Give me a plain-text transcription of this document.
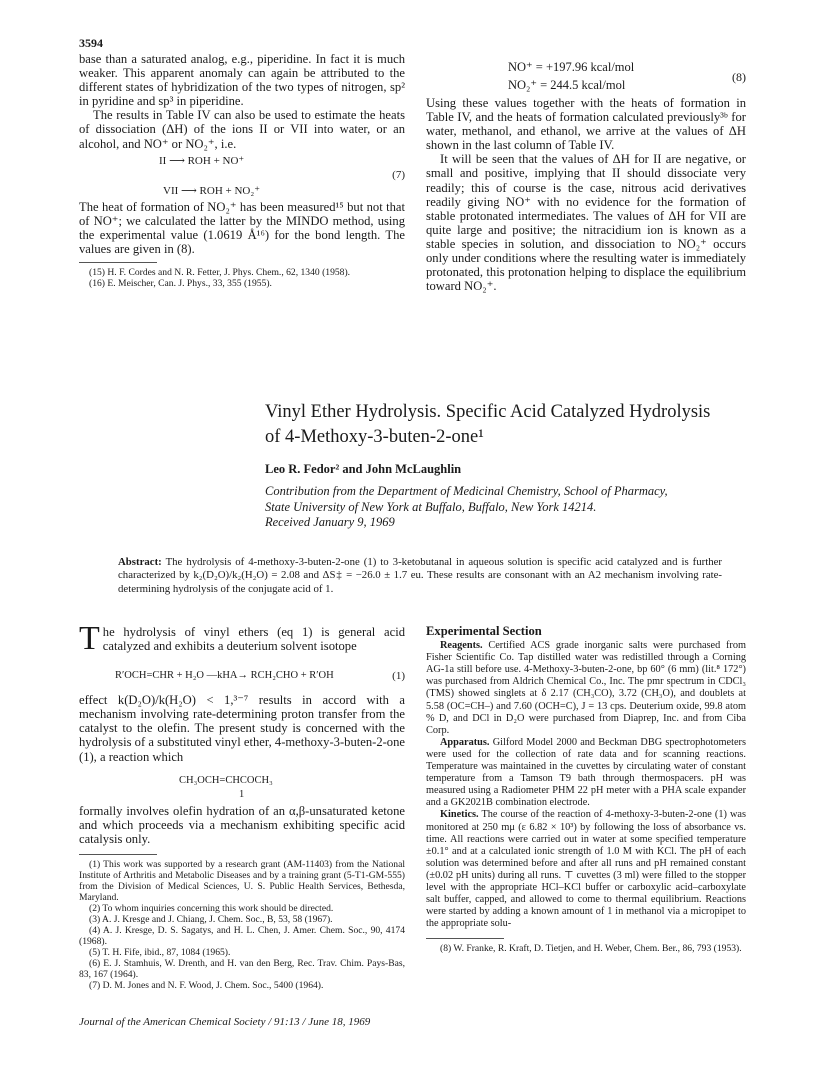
3594

base than a saturated analog, e.g., piperidine. In fact it is much weaker. This apparent anomaly can again be attributed to the different states of hybridization of the two types of nitrogen, sp² in pyridine and sp³ in piperidine.

The results in Table IV can also be used to estimate the heats of dissociation (ΔH) of the ions II or VII into water, or an alcohol, and NO⁺ or NO₂⁺, i.e.

II ⟶ ROH + NO⁺
(7)
VII ⟶ ROH + NO₂⁺

The heat of formation of NO₂⁺ has been measured¹⁵ but not that of NO⁺; we calculated the latter by the MINDO method, using the experimental value (1.0619 Å¹⁶) for the bond length. The values are given in (8).

(15) H. F. Cordes and N. R. Fetter, J. Phys. Chem., 62, 1340 (1958).

(16) E. Meischer, Can. J. Phys., 33, 355 (1955).

NO⁺ = +197.96 kcal/mol
(8)
NO₂⁺ = 244.5 kcal/mol

Using these values together with the heats of formation in Table IV, and the heats of formation calculated previously³ᵇ for water, methanol, and ethanol, we arrive at the values of ΔH shown in the last column of Table IV.

It will be seen that the values of ΔH for II are negative, or small and positive, implying that II should dissociate very readily; this of course is the case, nitrous acid derivatives readily giving NO⁺ with no evidence for the formation of stable protonated intermediates. The values of ΔH for VII are quite large and positive; the nitracidium ion is known as a stable species in solution, and dissociation to NO₂⁺ occurs only under conditions where the resulting water is immediately protonated, this protonation helping to displace the equilibrium toward NO₂⁺.

Vinyl Ether Hydrolysis. Specific Acid Catalyzed Hydrolysis
of 4-Methoxy-3-buten-2-one¹
Leo R. Fedor² and John McLaughlin
Contribution from the Department of Medicinal Chemistry, School of Pharmacy,
State University of New York at Buffalo, Buffalo, New York 14214.
Received January 9, 1969
Abstract: The hydrolysis of 4-methoxy-3-buten-2-one (1) to 3-ketobutanal in aqueous solution is specific acid catalyzed and is further characterized by k₂(D₂O)/k₂(H₂O) = 2.08 and ΔS‡ = −26.0 ± 1.7 eu. These results are consonant with an A2 mechanism involving rate-determining hydrolysis of the conjugate acid of 1.

T he hydrolysis of vinyl ethers (eq 1) is general acid catalyzed and exhibits a deuterium solvent isotope

R′OCH=CHR + H₂O —kHA→ RCH₂CHO + R′OH	(1)

effect k(D₂O)/k(H₂O) < 1,³⁻⁷ results in accord with a mechanism involving rate-determining proton transfer from the catalyst to the olefin. The present study is concerned with the hydrolysis of a substituted vinyl ether, 4-methoxy-3-buten-2-one (1), a reaction which

CH₃OCH=CHCOCH₃
1

formally involves olefin hydration of an α,β-unsaturated ketone and which proceeds via a mechanism exhibiting specific acid catalysis only.

(1) This work was supported by a research grant (AM-11403) from the National Institute of Arthritis and Metabolic Diseases and by a training grant (5-T1-GM-555) from the Division of Medical Sciences, U. S. Public Health Services, Bethesda, Maryland.

(2) To whom inquiries concerning this work should be directed.

(3) A. J. Kresge and J. Chiang, J. Chem. Soc., B, 53, 58 (1967).

(4) A. J. Kresge, D. S. Sagatys, and H. L. Chen, J. Amer. Chem. Soc., 90, 4174 (1968).

(5) T. H. Fife, ibid., 87, 1084 (1965).

(6) E. J. Stamhuis, W. Drenth, and H. van den Berg, Rec. Trav. Chim. Pays-Bas, 83, 167 (1964).

(7) D. M. Jones and N. F. Wood, J. Chem. Soc., 5400 (1964).

Experimental Section

Reagents. Certified ACS grade inorganic salts were purchased from Fisher Scientific Co. Tap distilled water was redistilled through a Corning AG-1a still before use. 4-Methoxy-3-buten-2-one, bp 60° (6 mm) (lit.⁸ 172°) was purchased from Aldrich Chemical Co., Inc. The pmr spectrum in CDCl₃ (TMS) showed singlets at δ 2.17 (CH₃CO), 3.72 (CH₃O), and doublets at 5.58 (OC=CH–) and 7.60 (OCH=C), J = 13 cps. Deuterium oxide, 99.8 atom % D, and DCl in D₂O were purchased from Diaprep, Inc. and from Ciba Corp.

Apparatus. Gilford Model 2000 and Beckman DBG spectrophotometers were used for the collection of rate data and for scanning reactions. Temperature was maintained in the cuvettes by circulating water of constant temperature from a Tamson T9 bath through thermospacers. pH was measured using a Radiometer PHM 22 pH meter with a PHA scale expander and a GK2021B combination electrode.

Kinetics. The course of the reaction of 4-methoxy-3-buten-2-one (1) was monitored at 250 mμ (ε 6.82 × 10³) by following the loss of absorbance vs. time. All reactions were carried out in water at some specified temperature ±0.1° and at a calculated ionic strength of 1.0 M with KCl. The pH of each solution was determined before and after all runs and pH remained constant (±0.02 pH units) during all runs. ⊤ cuvettes (3 ml) were filled to the stopper level with the appropriate HCl–KCl buffer or carboxylic acid–carboxylate salt buffer, capped, and allowed to come to thermal equilibrium. Reactions were started by adding a known amount of 1 in methanol via a micropipet to the appropriate solu-

(8) W. Franke, R. Kraft, D. Tietjen, and H. Weber, Chem. Ber., 86, 793 (1953).

Journal of the American Chemical Society / 91:13 / June 18, 1969
